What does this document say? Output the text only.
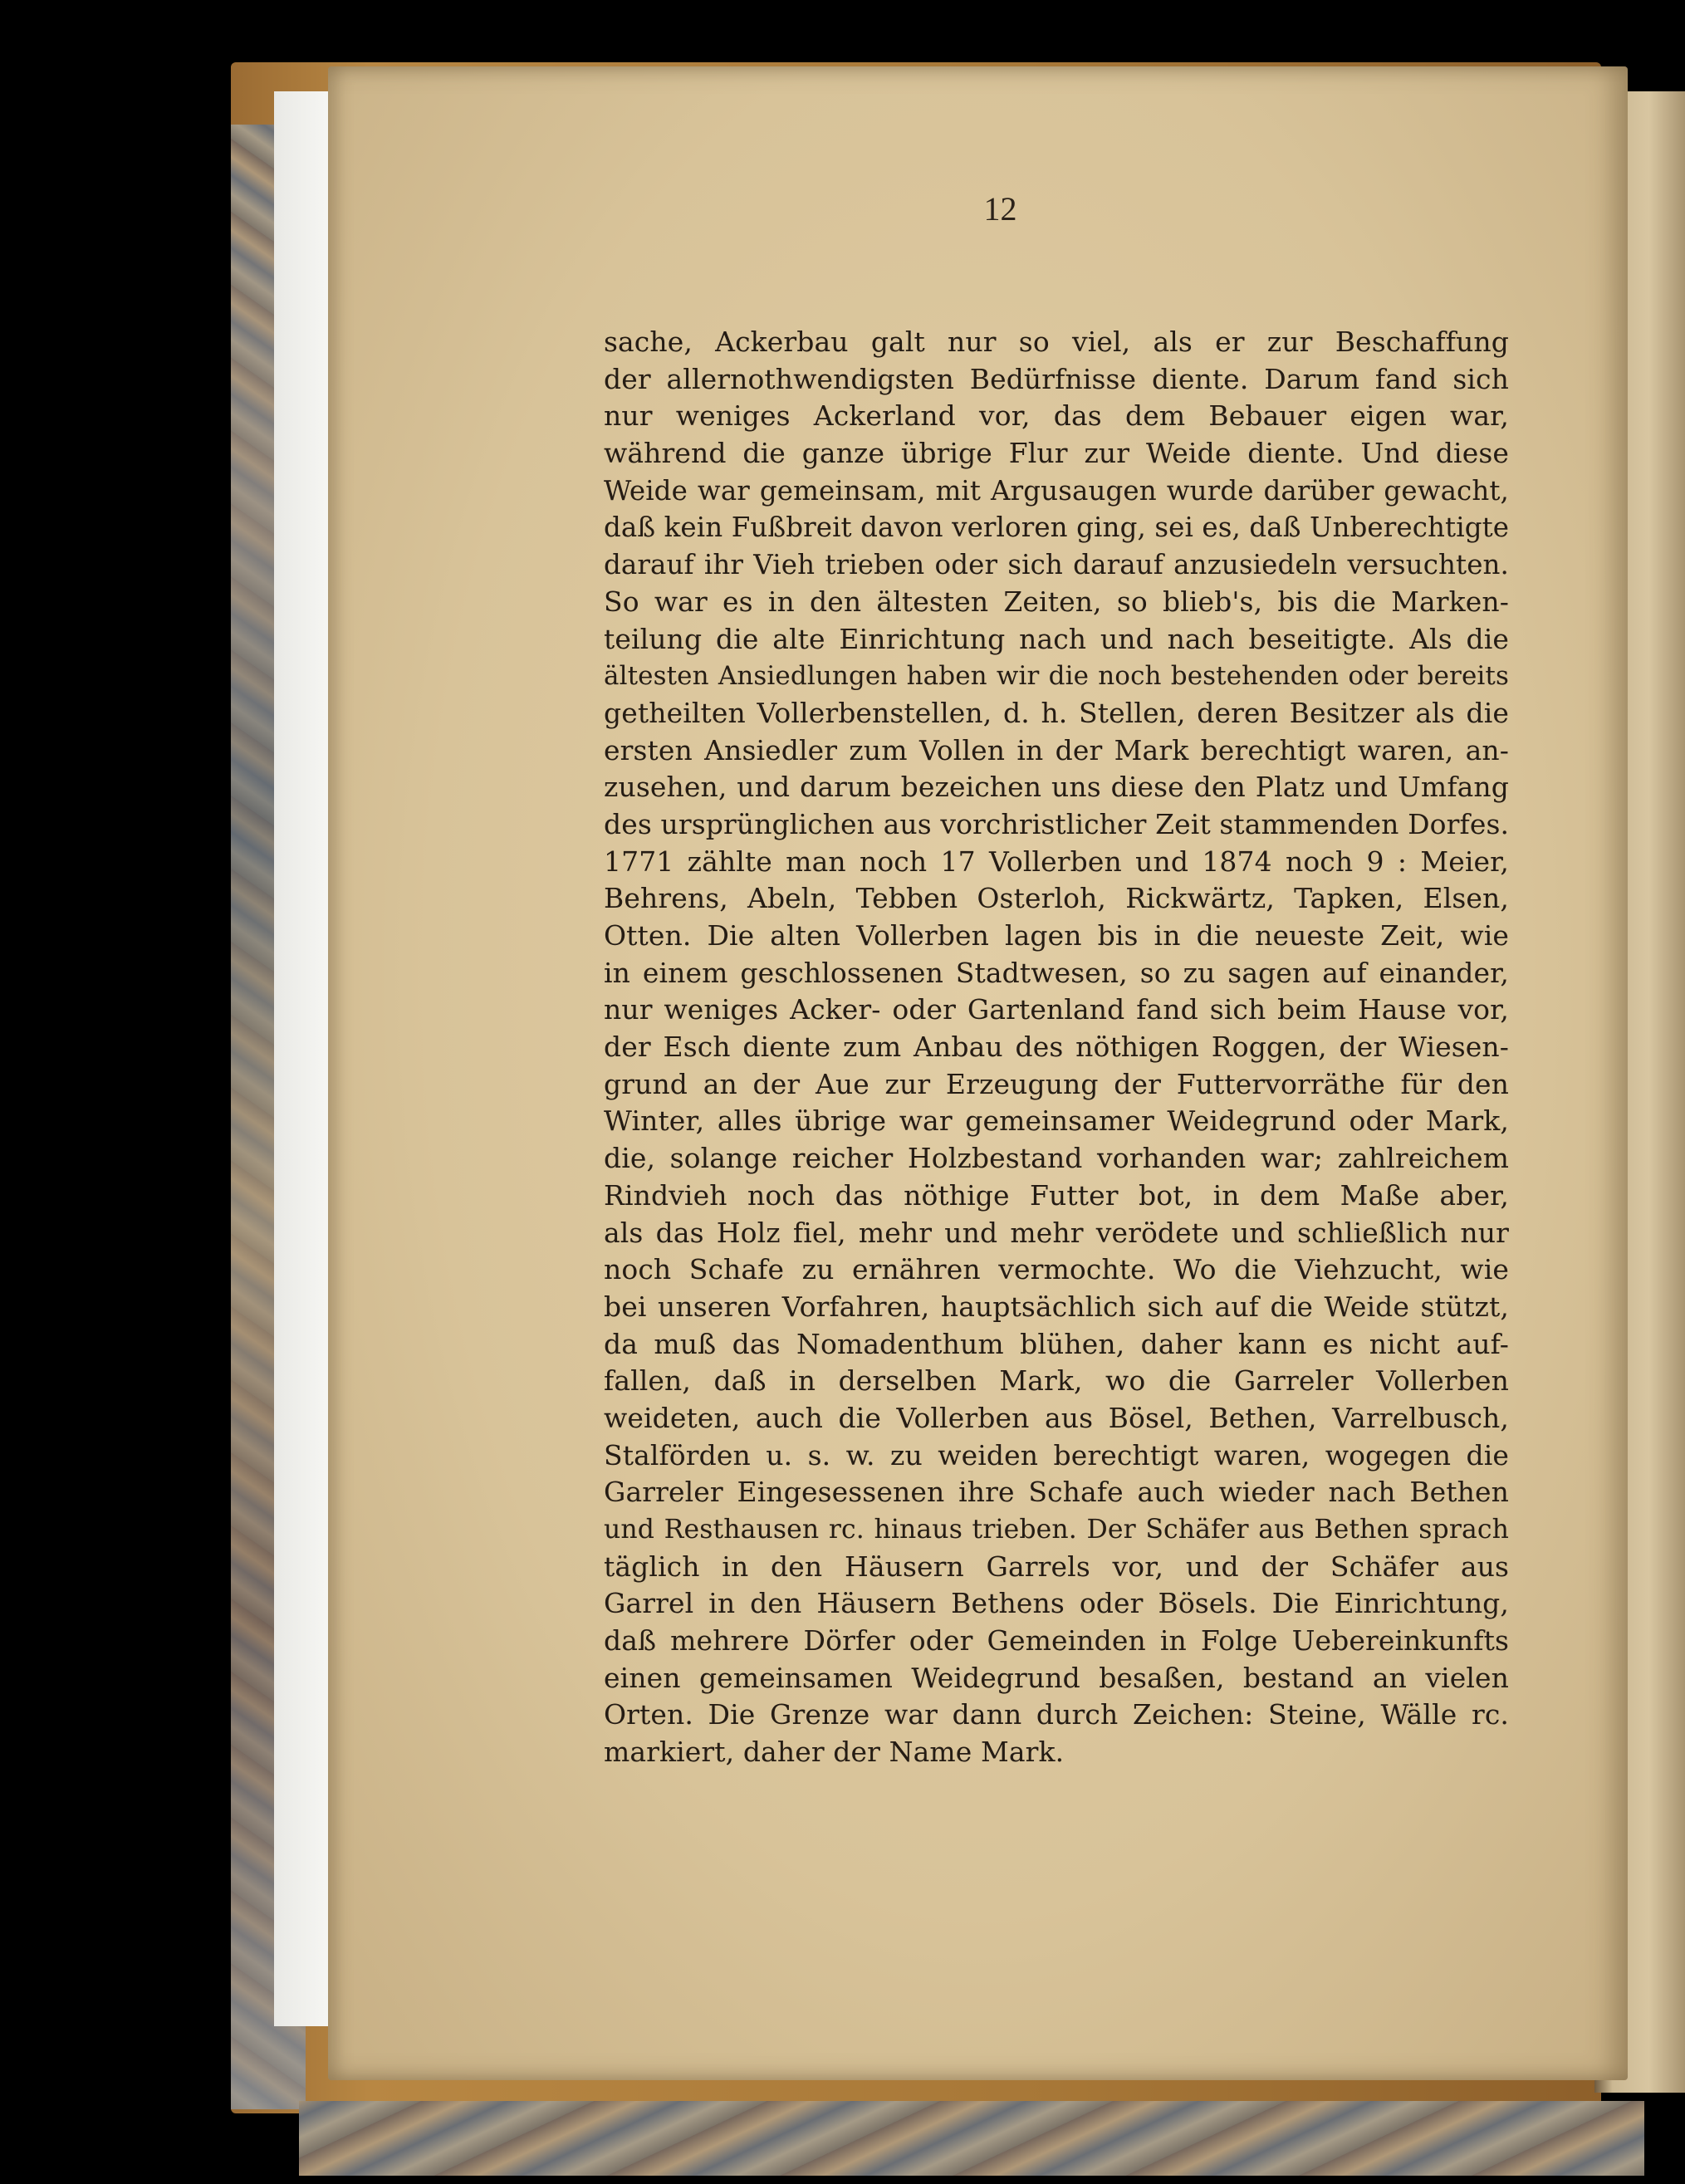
12
sache, Ackerbau galt nur so viel, als er zur Beschaffung
der allernothwendigsten Bedürfnisse diente. Darum fand sich
nur weniges Ackerland vor, das dem Bebauer eigen war,
während die ganze übrige Flur zur Weide diente. Und diese
Weide war gemeinsam, mit Argusaugen wurde darüber gewacht,
daß kein Fußbreit davon verloren ging, sei es, daß Unberechtigte
darauf ihr Vieh trieben oder sich darauf anzusiedeln versuchten.
So war es in den ältesten Zeiten, so blieb's, bis die Marken-
teilung die alte Einrichtung nach und nach beseitigte. Als die
ältesten Ansiedlungen haben wir die noch bestehenden oder bereits
getheilten Vollerbenstellen, d. h. Stellen, deren Besitzer als die
ersten Ansiedler zum Vollen in der Mark berechtigt waren, an-
zusehen, und darum bezeichen uns diese den Platz und Umfang
des ursprünglichen aus vorchristlicher Zeit stammenden Dorfes.
1771 zählte man noch 17 Vollerben und 1874 noch 9 : Meier,
Behrens, Abeln, Tebben Osterloh, Rickwärtz, Tapken, Elsen,
Otten. Die alten Vollerben lagen bis in die neueste Zeit, wie
in einem geschlossenen Stadtwesen, so zu sagen auf einander,
nur weniges Acker- oder Gartenland fand sich beim Hause vor,
der Esch diente zum Anbau des nöthigen Roggen, der Wiesen-
grund an der Aue zur Erzeugung der Futtervorräthe für den
Winter, alles übrige war gemeinsamer Weidegrund oder Mark,
die, solange reicher Holzbestand vorhanden war; zahlreichem
Rindvieh noch das nöthige Futter bot, in dem Maße aber,
als das Holz fiel, mehr und mehr verödete und schließlich nur
noch Schafe zu ernähren vermochte. Wo die Viehzucht, wie
bei unseren Vorfahren, hauptsächlich sich auf die Weide stützt,
da muß das Nomadenthum blühen, daher kann es nicht auf-
fallen, daß in derselben Mark, wo die Garreler Vollerben
weideten, auch die Vollerben aus Bösel, Bethen, Varrelbusch,
Stalförden u. s. w. zu weiden berechtigt waren, wogegen die
Garreler Eingesessenen ihre Schafe auch wieder nach Bethen
und Resthausen rc. hinaus trieben. Der Schäfer aus Bethen sprach
täglich in den Häusern Garrels vor, und der Schäfer aus
Garrel in den Häusern Bethens oder Bösels. Die Einrichtung,
daß mehrere Dörfer oder Gemeinden in Folge Uebereinkunfts
einen gemeinsamen Weidegrund besaßen, bestand an vielen
Orten. Die Grenze war dann durch Zeichen: Steine, Wälle rc.
markiert, daher der Name Mark.
